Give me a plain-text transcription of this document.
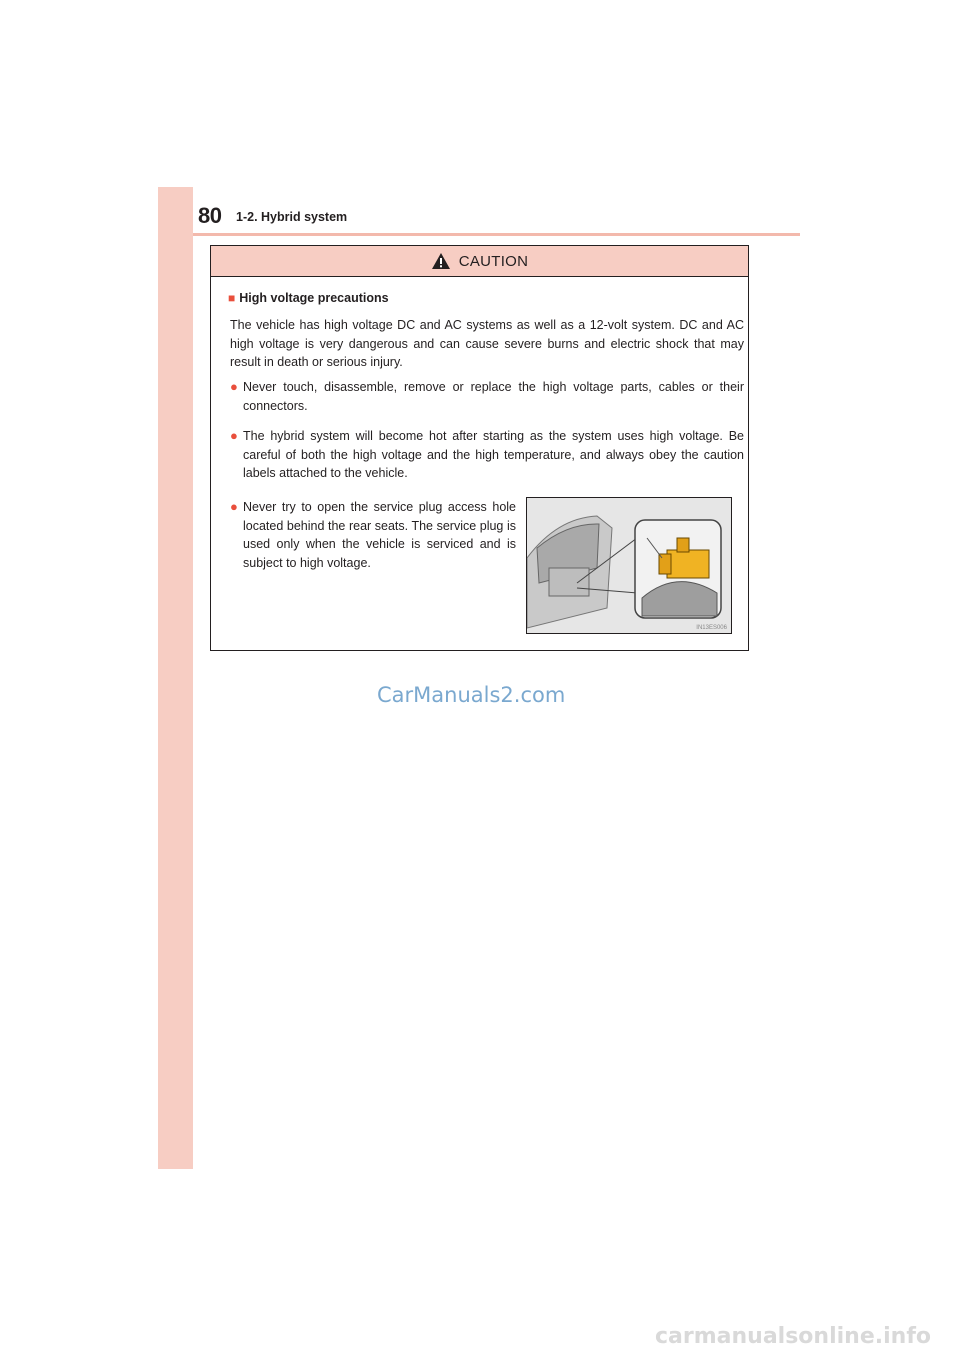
80 1-2. Hybrid system
CAUTION
■ High voltage precautions
The vehicle has high voltage DC and AC systems as well as a 12-volt system. DC and AC high voltage is very dangerous and can cause severe burns and electric shock that may result in death or serious injury.
● Never touch, disassemble, remove or replace the high voltage parts, cables or their connectors.
● The hybrid system will become hot after starting as the system uses high voltage. Be careful of both the high voltage and the high temperature, and always obey the caution labels attached to the vehicle.
● Never try to open the service plug access hole located behind the rear seats. The service plug is used only when the vehicle is serviced and is subject to high voltage.
IN13ES006
CarManuals2.com
carmanualsonline.info
